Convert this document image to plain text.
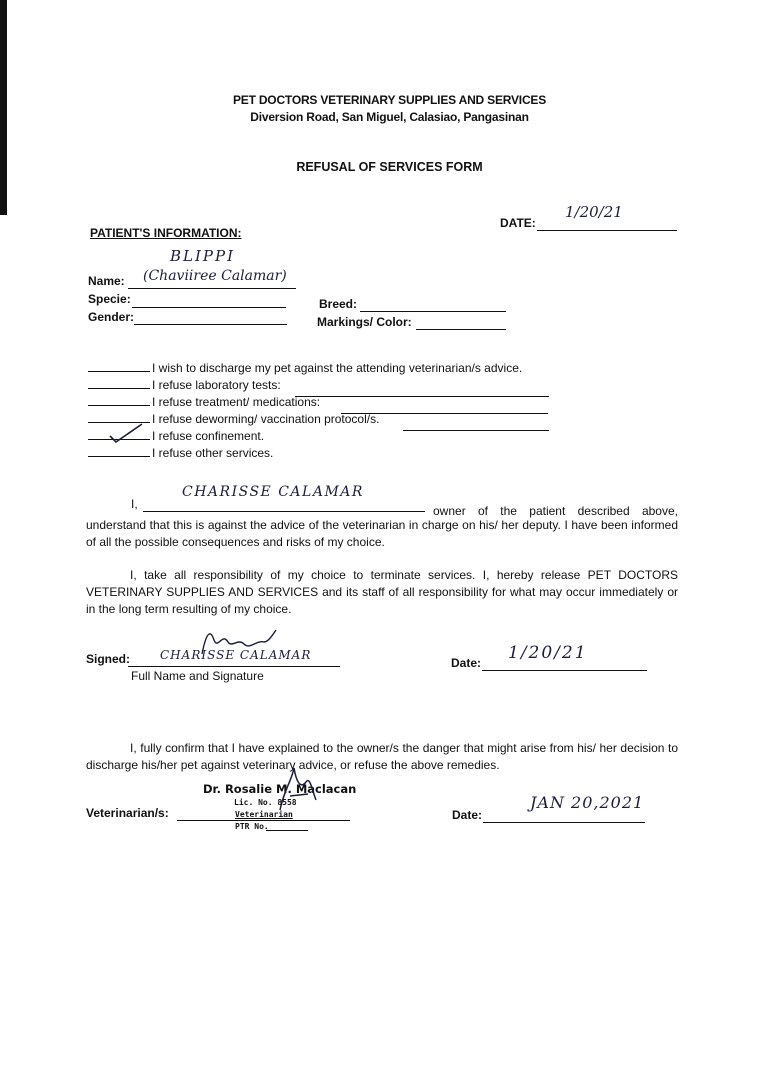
PET DOCTORS VETERINARY SUPPLIES AND SERVICES
Diversion Road, San Miguel, Calasiao, Pangasinan
REFUSAL OF SERVICES FORM
DATE:
1/20/21
PATIENT'S INFORMATION:
BLIPPI
Name: (Chaviiree Calamar)
Specie:
Gender:
Breed:
Markings/ Color:
I wish to discharge my pet against the attending veterinarian/s advice.
I refuse laboratory tests:
I refuse treatment/ medications:
I refuse deworming/ vaccination protocol/s.
I refuse confinement.
I refuse other services.
I,
CHARISSE CALAMAR
owner of the patient described above,
understand that this is against the advice of the veterinarian in charge on his/ her deputy. I have been informed of all the possible consequences and risks of my choice.
I, take all responsibility of my choice to terminate services. I, hereby release PET DOCTORS VETERINARY SUPPLIES AND SERVICES and its staff of all responsibility for what may occur immediately or in the long term resulting of my choice.
Signed:	CHARISSE CALAMAR
Full Name and Signature
Date: 1/20/21
I, fully confirm that I have explained to the owner/s the danger that might arise from his/ her decision to discharge his/her pet against veterinary advice, or refuse the above remedies.
Veterinarian/s:
Dr. Rosalie M. Maclacan
Lic. No. 8558
Veterinarian
PTR No.
Date:
JAN 20,2021
